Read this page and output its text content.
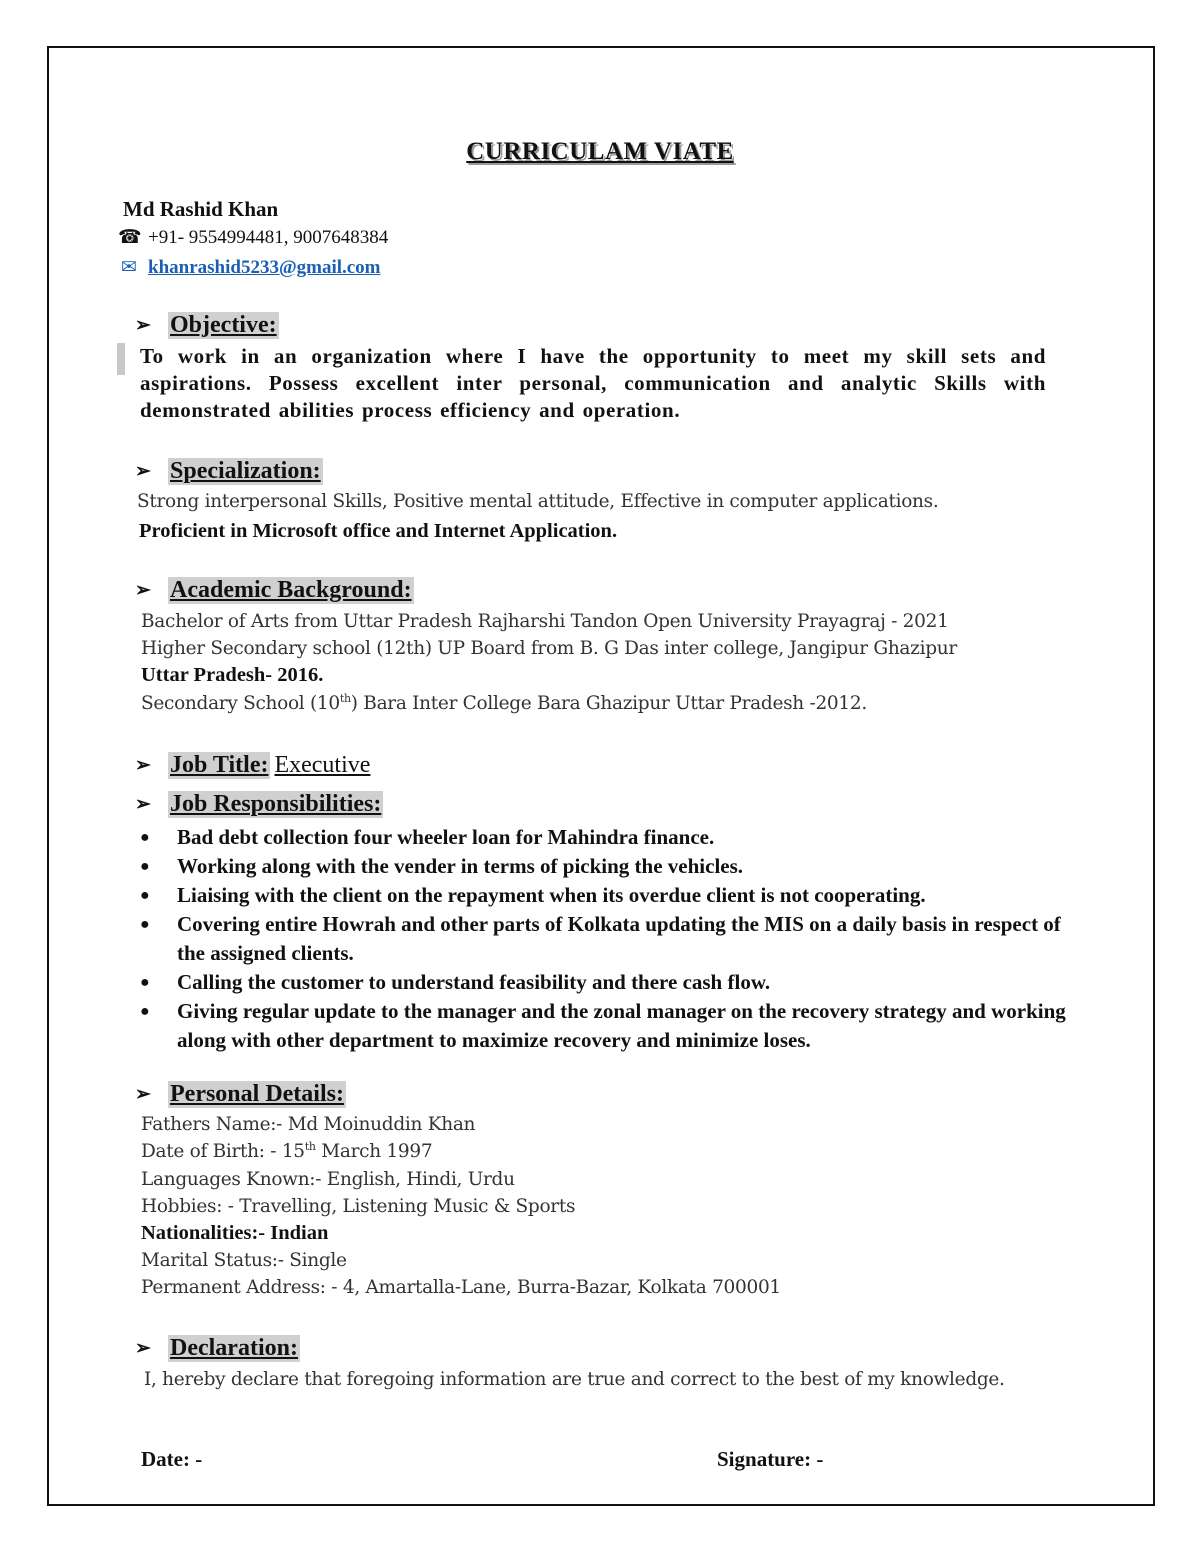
CURRICULAM VIATE
Md Rashid Khan
☎ +91- 9554994481, 9007648384
✉ khanrashid5233@gmail.com
➢ Objective:
To work in an organization where I have the opportunity to meet my skill sets and aspirations. Possess excellent inter personal, communication and analytic Skills with demonstrated abilities process efficiency and operation.
➢ Specialization:
Strong interpersonal Skills, Positive mental attitude, Effective in computer applications.
Proficient in Microsoft office and Internet Application.
➢ Academic Background:
Bachelor of Arts from Uttar Pradesh Rajharshi Tandon Open University Prayagraj - 2021
Higher Secondary school (12th) UP Board from B. G Das inter college, Jangipur Ghazipur
Uttar Pradesh- 2016.
Secondary School (10th) Bara Inter College Bara Ghazipur Uttar Pradesh -2012.
➢ Job Title: Executive
➢ Job Responsibilities:
●	Bad debt collection four wheeler loan for Mahindra finance.
●	Working along with the vender in terms of picking the vehicles.
●	Liaising with the client on the repayment when its overdue client is not cooperating.
●	Covering entire Howrah and other parts of Kolkata updating the MIS on a daily basis in respect of the assigned clients.
●	Calling the customer to understand feasibility and there cash flow.
●	Giving regular update to the manager and the zonal manager on the recovery strategy and working along with other department to maximize recovery and minimize loses.
➢ Personal Details:
Fathers Name:- Md Moinuddin Khan
Date of Birth: - 15th March 1997
Languages Known:- English, Hindi, Urdu
Hobbies: - Travelling, Listening Music & Sports
Nationalities:- Indian
Marital Status:- Single
Permanent Address: - 4, Amartalla-Lane, Burra-Bazar, Kolkata 700001
➢ Declaration:
I, hereby declare that foregoing information are true and correct to the best of my knowledge.
Date: -	Signature: -
